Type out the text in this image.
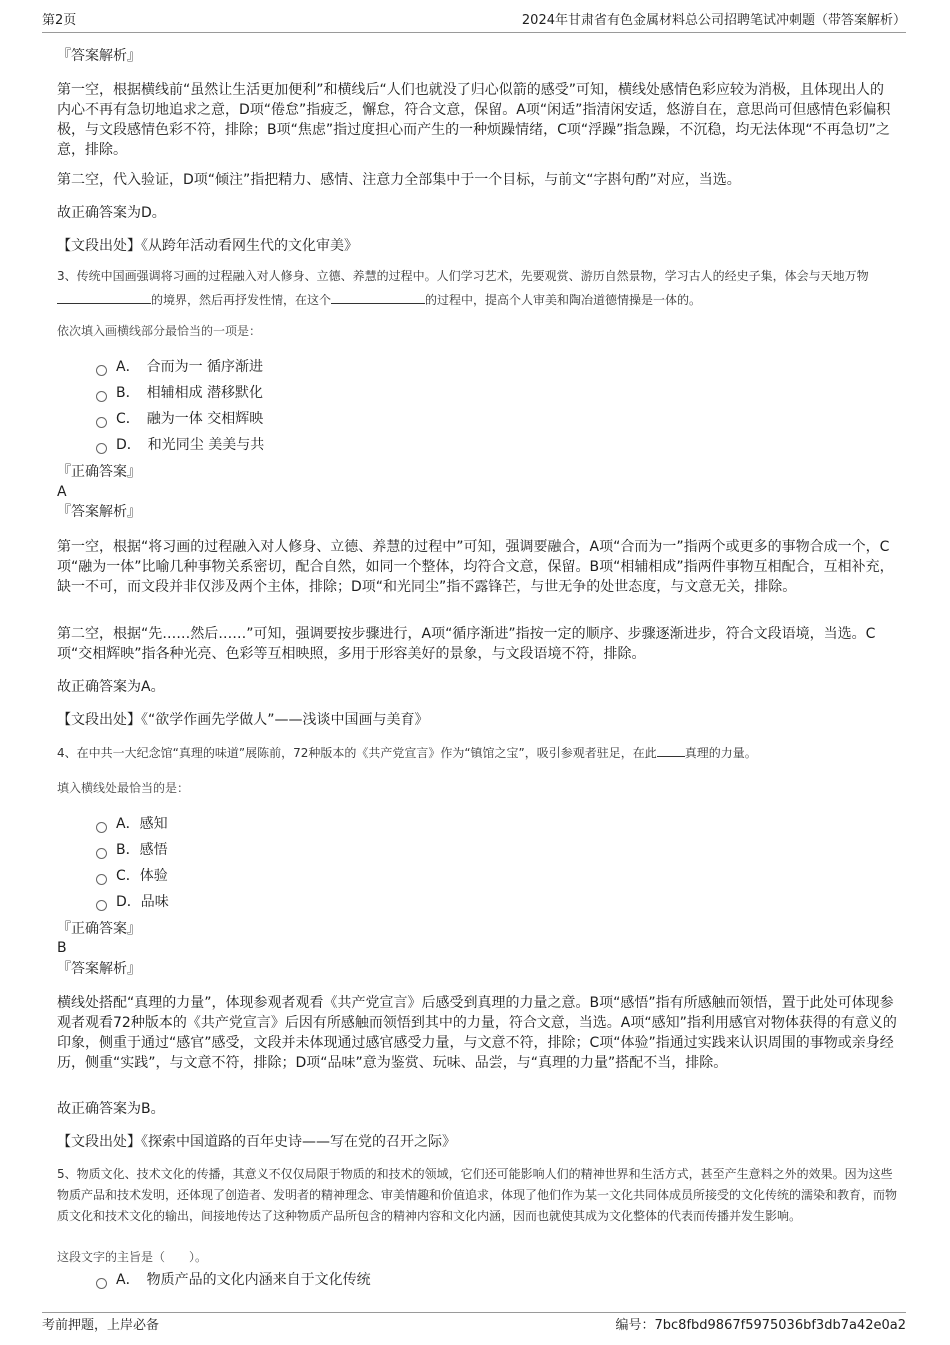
第2页	2024年甘肃省有色金属材料总公司招聘笔试冲刺题（带答案解析）
『答案解析』
第一空，根据横线前“虽然让生活更加便利”和横线后“人们也就没了归心似箭的感受”可知，横线处感情色彩应较为消极，且体现出人的内心不再有急切地追求之意，D项“倦怠”指疲乏，懈怠，符合文意，保留。A项“闲适”指清闲安适，悠游自在，意思尚可但感情色彩偏积极，与文段感情色彩不符，排除；B项“焦虑”指过度担心而产生的一种烦躁情绪，C项“浮躁”指急躁，不沉稳，均无法体现“不再急切”之意，排除。
第二空，代入验证，D项“倾注”指把精力、感情、注意力全部集中于一个目标，与前文“字斟句酌”对应，当选。
故正确答案为D。
【文段出处】《从跨年活动看网生代的文化审美》
3、传统中国画强调将习画的过程融入对人修身、立德、养慧的过程中。人们学习艺术，先要观赏、游历自然景物，学习古人的经史子集，体会与天地万物的境界，然后再抒发性情，在这个	的过程中，提高个人审美和陶冶道德情操是一体的。
依次填入画横线部分最恰当的一项是：
A．　合而为一 循序渐进
B．　相辅相成 潜移默化
C．　融为一体 交相辉映
D．　和光同尘 美美与共
『正确答案』
A
『答案解析』
第一空，根据“将习画的过程融入对人修身、立德、养慧的过程中”可知，强调要融合，A项“合而为一”指两个或更多的事物合成一个，C项“融为一体”比喻几种事物关系密切，配合自然，如同一个整体，均符合文意，保留。B项“相辅相成”指两件事物互相配合，互相补充，缺一不可，而文段并非仅涉及两个主体，排除；D项“和光同尘”指不露锋芒，与世无争的处世态度，与文意无关，排除。
第二空，根据“先……然后……”可知，强调要按步骤进行，A项“循序渐进”指按一定的顺序、步骤逐渐进步，符合文段语境，当选。C项“交相辉映”指各种光亮、色彩等互相映照，多用于形容美好的景象，与文段语境不符，排除。
故正确答案为A。
【文段出处】《“欲学作画先学做人”——浅谈中国画与美育》
4、在中共一大纪念馆“真理的味道”展陈前，72种版本的《共产党宣言》作为“镇馆之宝”，吸引参观者驻足，在此 真理的力量。
填入横线处最恰当的是：
A．感知
B．感悟
C．体验
D．品味
『正确答案』
B
『答案解析』
横线处搭配“真理的力量”，体现参观者观看《共产党宣言》后感受到真理的力量之意。B项“感悟”指有所感触而领悟，置于此处可体现参观者观看72种版本的《共产党宣言》后因有所感触而领悟到其中的力量，符合文意，当选。A项“感知”指利用感官对物体获得的有意义的印象，侧重于通过“感官”感受，文段并未体现通过感官感受力量，与文意不符，排除；C项“体验”指通过实践来认识周围的事物或亲身经历，侧重“实践”，与文意不符，排除；D项“品味”意为鉴赏、玩味、品尝，与“真理的力量”搭配不当，排除。
故正确答案为B。
【文段出处】《探索中国道路的百年史诗——写在党的召开之际》
5、物质文化、技术文化的传播，其意义不仅仅局限于物质的和技术的领域，它们还可能影响人们的精神世界和生活方式，甚至产生意料之外的效果。因为这些物质产品和技术发明，还体现了创造者、发明者的精神理念、审美情趣和价值追求，体现了他们作为某一文化共同体成员所接受的文化传统的濡染和教育，而物质文化和技术文化的输出，间接地传达了这种物质产品所包含的精神内容和文化内涵，因而也就使其成为文化整体的代表而传播并发生影响。
这段文字的主旨是（　　）。
A．　物质产品的文化内涵来自于文化传统
考前押题，上岸必备	编号：7bc8fbd9867f5975036bf3db7a42e0a2
